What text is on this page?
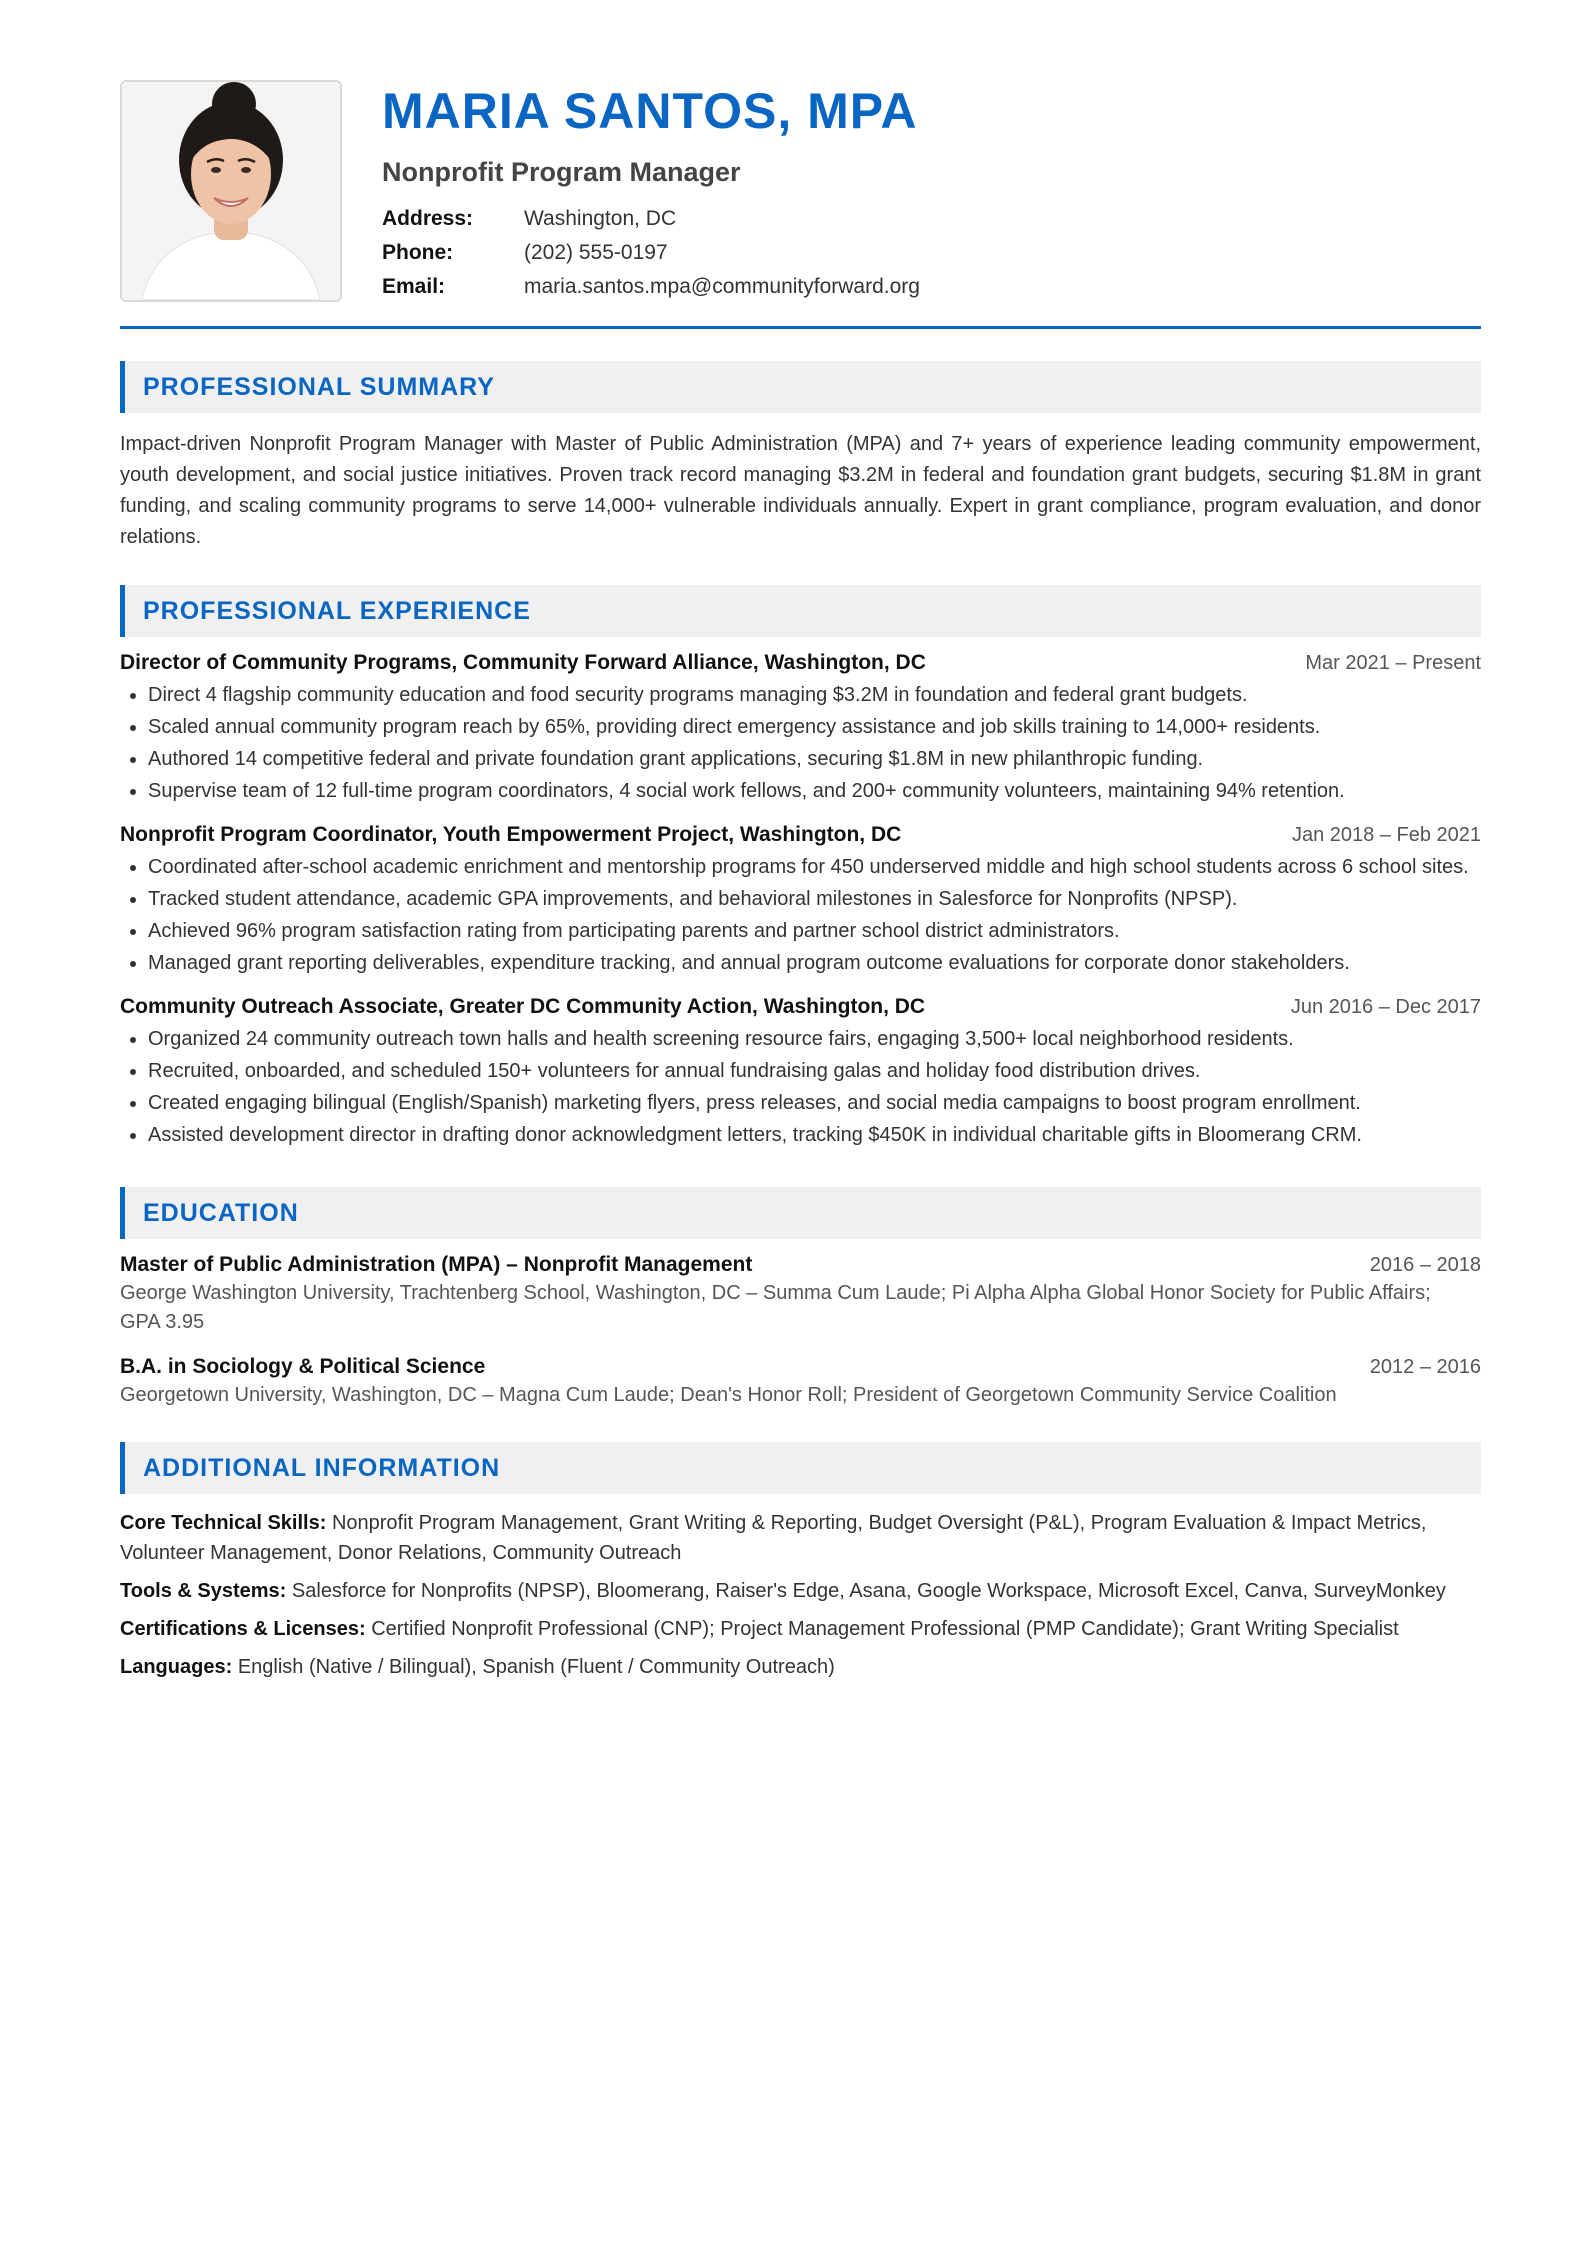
MARIA SANTOS, MPA
Nonprofit Program Manager
Address:	Washington, DC
Phone:	(202) 555-0197
Email:	maria.santos.mpa@communityforward.org
PROFESSIONAL SUMMARY
Impact-driven Nonprofit Program Manager with Master of Public Administration (MPA) and 7+ years of experience leading community empowerment, youth development, and social justice initiatives. Proven track record managing $3.2M in federal and foundation grant budgets, securing $1.8M in grant funding, and scaling community programs to serve 14,000+ vulnerable individuals annually. Expert in grant compliance, program evaluation, and donor relations.
PROFESSIONAL EXPERIENCE
Director of Community Programs, Community Forward Alliance, Washington, DC	Mar 2021 – Present
• Direct 4 flagship community education and food security programs managing $3.2M in foundation and federal grant budgets.
• Scaled annual community program reach by 65%, providing direct emergency assistance and job skills training to 14,000+ residents.
• Authored 14 competitive federal and private foundation grant applications, securing $1.8M in new philanthropic funding.
• Supervise team of 12 full-time program coordinators, 4 social work fellows, and 200+ community volunteers, maintaining 94% retention.
Nonprofit Program Coordinator, Youth Empowerment Project, Washington, DC	Jan 2018 – Feb 2021
• Coordinated after-school academic enrichment and mentorship programs for 450 underserved middle and high school students across 6 school sites.
• Tracked student attendance, academic GPA improvements, and behavioral milestones in Salesforce for Nonprofits (NPSP).
• Achieved 96% program satisfaction rating from participating parents and partner school district administrators.
• Managed grant reporting deliverables, expenditure tracking, and annual program outcome evaluations for corporate donor stakeholders.
Community Outreach Associate, Greater DC Community Action, Washington, DC	Jun 2016 – Dec 2017
• Organized 24 community outreach town halls and health screening resource fairs, engaging 3,500+ local neighborhood residents.
• Recruited, onboarded, and scheduled 150+ volunteers for annual fundraising galas and holiday food distribution drives.
• Created engaging bilingual (English/Spanish) marketing flyers, press releases, and social media campaigns to boost program enrollment.
• Assisted development director in drafting donor acknowledgment letters, tracking $450K in individual charitable gifts in Bloomerang CRM.
EDUCATION
Master of Public Administration (MPA) – Nonprofit Management	2016 – 2018
George Washington University, Trachtenberg School, Washington, DC – Summa Cum Laude; Pi Alpha Alpha Global Honor Society for Public Affairs; GPA 3.95
B.A. in Sociology & Political Science	2012 – 2016
Georgetown University, Washington, DC – Magna Cum Laude; Dean's Honor Roll; President of Georgetown Community Service Coalition
ADDITIONAL INFORMATION
Core Technical Skills: Nonprofit Program Management, Grant Writing & Reporting, Budget Oversight (P&L), Program Evaluation & Impact Metrics, Volunteer Management, Donor Relations, Community Outreach
Tools & Systems: Salesforce for Nonprofits (NPSP), Bloomerang, Raiser's Edge, Asana, Google Workspace, Microsoft Excel, Canva, SurveyMonkey
Certifications & Licenses: Certified Nonprofit Professional (CNP); Project Management Professional (PMP Candidate); Grant Writing Specialist
Languages: English (Native / Bilingual), Spanish (Fluent / Community Outreach)
